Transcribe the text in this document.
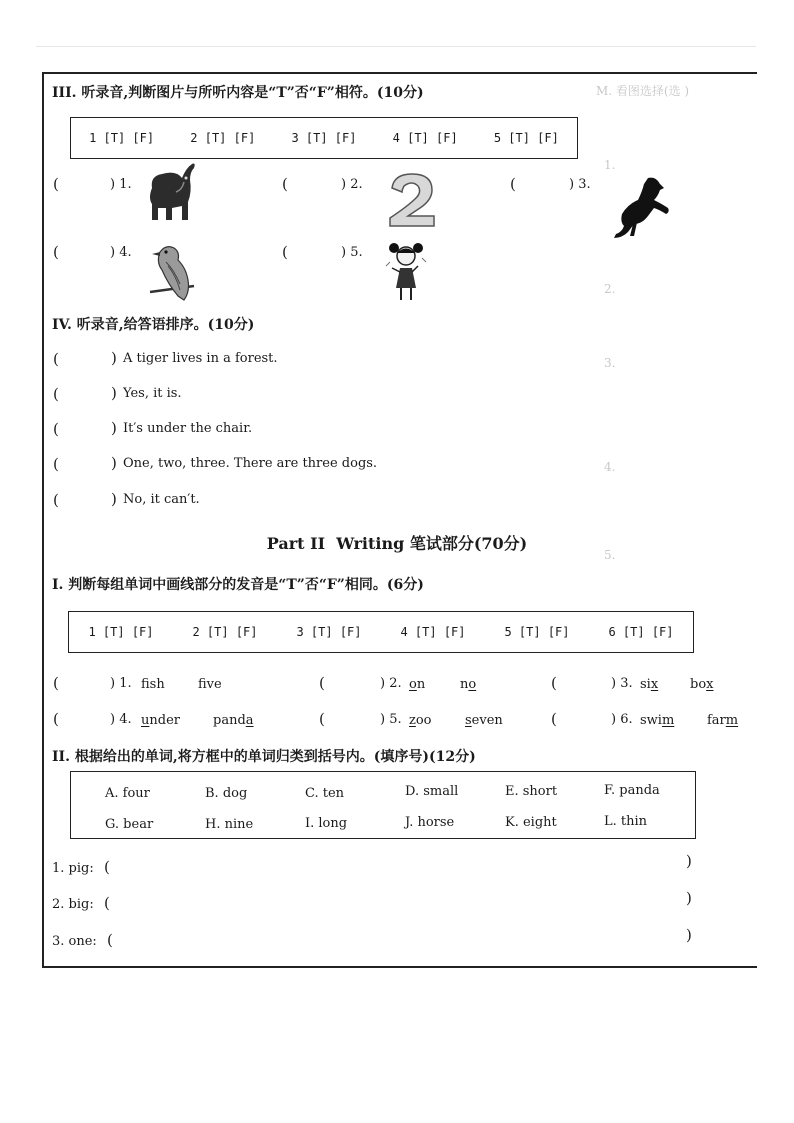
M. 看图选择(选 )
1.
2.
3.
4.
5.
III. 听录音,判断图片与所听内容是“T”否“F”相符。(10分)
1 [T] [F]	2 [T] [F]	3 [T] [F]	4 [T] [F]	5 [T] [F]
(	) 1.	(	) 2.	(	) 3.
(	) 4.	(	) 5.
IV. 听录音,给答语排序。(10分)
(	) A tiger lives in a forest.
(	) Yes, it is.
(	) It′s under the chair.
(	) One, two, three. There are three dogs.
(	) No, it can′t.
Part II  Writing 笔试部分(70分)
I. 判断每组单词中画线部分的发音是“T”否“F”相同。(6分)
1 [T] [F]	2 [T] [F]	3 [T] [F]	4 [T] [F]	5 [T] [F]	6 [T] [F]
(	) 1. fsh	fve	(	) 2. on	no	(	) 3. six box
(	) 4. under	panda	(	) 5. zoo	seven	(	) 6. swim	farm
II. 根据给出的单词,将方框中的单词归类到括号内。(填序号)(12分)
A. four	B. dog	C. ten	D. small	E. short	F. panda
G. bear	H. nine	I. long	J. horse	K. eight	L. thin
1. pig: (	)
2. big: (	)
3. one: (	)
